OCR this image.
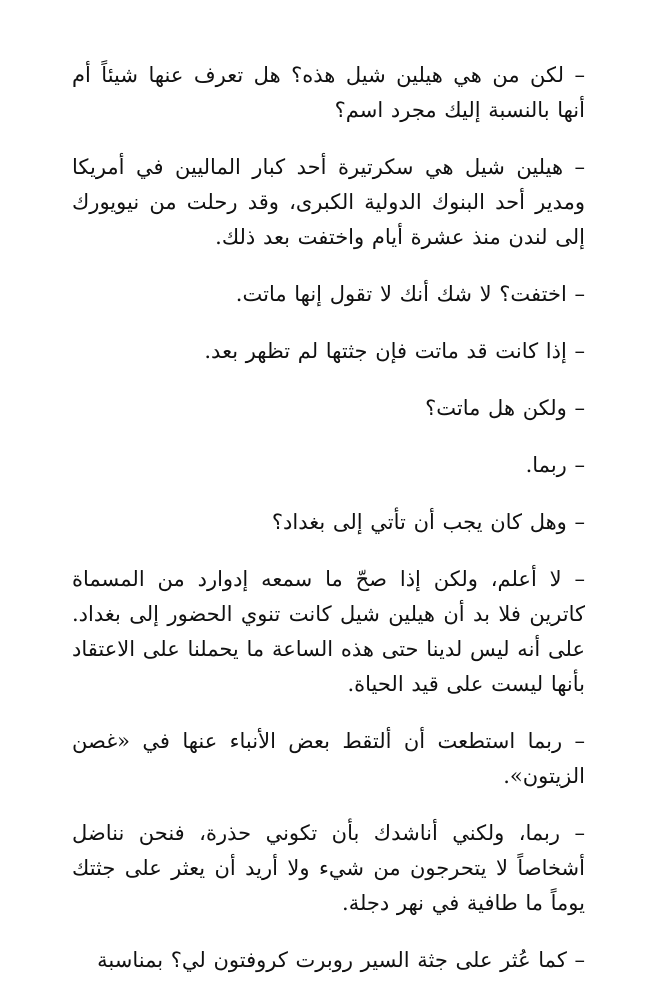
– لكن من هي هيلين شيل هذه؟ هل تعرف عنها شيئاً أم أنها بالنسبة إليك مجرد اسم؟

– هيلين شيل هي سكرتيرة أحد كبار الماليين في أمريكا ومدير أحد البنوك الدولية الكبرى، وقد رحلت من نيويورك إلى لندن منذ عشرة أيام واختفت بعد ذلك.

– اختفت؟ لا شك أنك لا تقول إنها ماتت.

– إذا كانت قد ماتت فإن جثتها لم تظهر بعد.

– ولكن هل ماتت؟

– ربما.

– وهل كان يجب أن تأتي إلى بغداد؟

– لا أعلم، ولكن إذا صحّ ما سمعه إدوارد من المسماة كاترين فلا بد أن هيلين شيل كانت تنوي الحضور إلى بغداد. على أنه ليس لدينا حتى هذه الساعة ما يحملنا على الاعتقاد بأنها ليست على قيد الحياة.

– ربما استطعت أن ألتقط بعض الأنباء عنها في «غصن الزيتون».

– ربما، ولكني أناشدك بأن تكوني حذرة، فنحن نناضل أشخاصاً لا يتحرجون من شيء ولا أريد أن يعثر على جثتك يوماً ما طافية في نهر دجلة.

– كما عُثر على جثة السير روبرت كروفتون لي؟ بمناسبة
